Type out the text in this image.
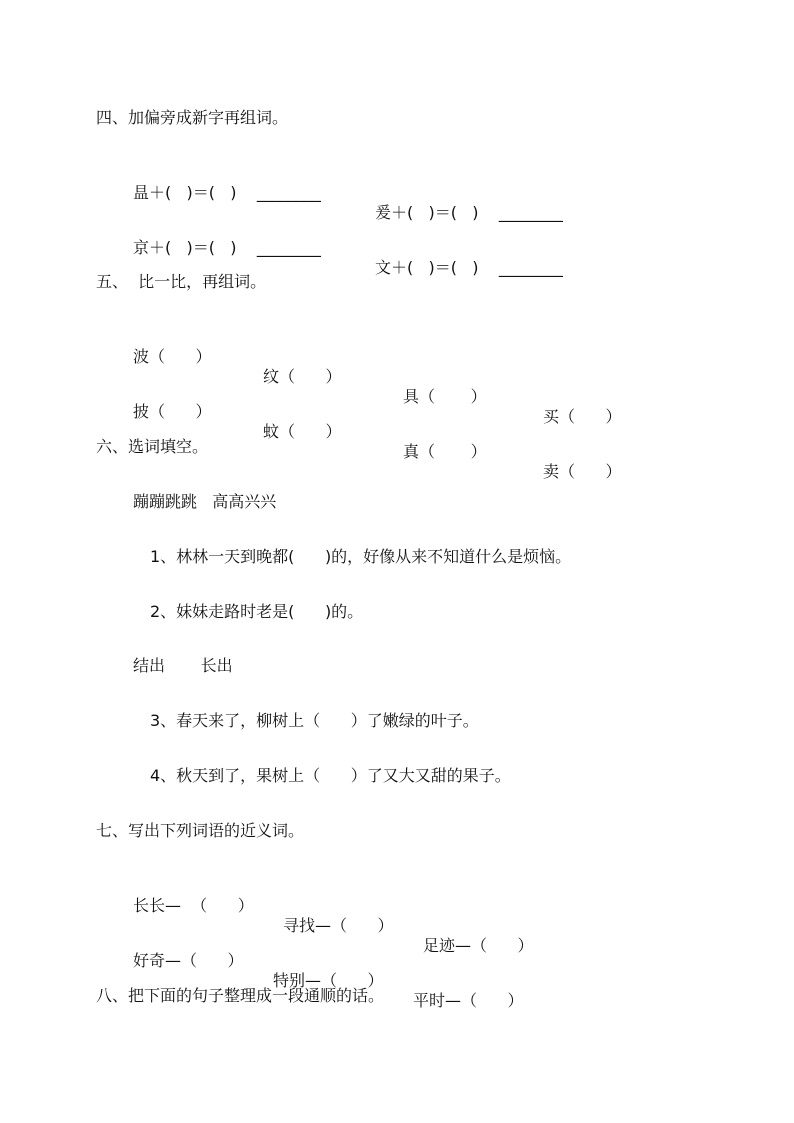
四、加偏旁成新字再组词。

昷＋(   )＝(   )    ________

爰＋(   )＝(   )    ________

京＋(   )＝(   )    ________

文＋(   )＝(   )    ________

五、  比一比，再组词。

波（      ）

纹（      ）

具（       ）

买（      ）

披（      ）

蚊（      ）

真（       ）

卖（      ）

六、选词填空。
蹦蹦跳跳   高高兴兴
1、林林一天到晚都(      )的，好像从来不知道什么是烦恼。
2、妹妹走路时老是(      )的。
结出       长出
3、春天来了，柳树上（      ）了嫩绿的叶子。
4、秋天到了，果树上（      ）了又大又甜的果子。
七、写出下列词语的近义词。

长长—  （      ）

寻找—（      ）

足迹—（      ）

好奇—（      ）

特别—（      ）

平时—（      ）

八、把下面的句子整理成一段通顺的话。
